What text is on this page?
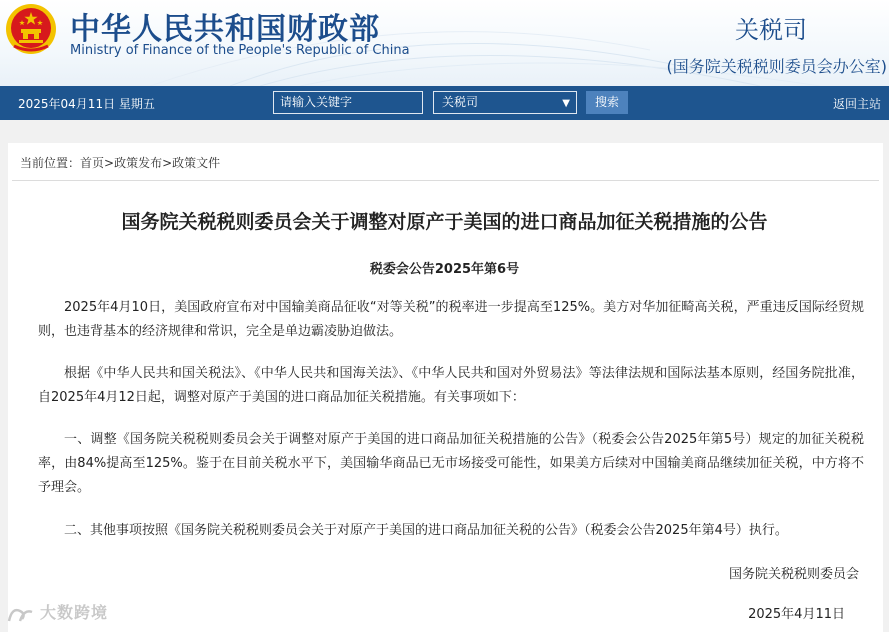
中华人民共和国财政部
Ministry of Finance of the People's Republic of China
关税司
(国务院关税税则委员会办公室)
2025年04月11日 星期五	请输入关键字	关税司	▼	搜索	返回主站
当前位置：首页>政策发布>政策文件
国务院关税税则委员会关于调整对原产于美国的进口商品加征关税措施的公告
税委会公告2025年第6号
2025年4月10日，美国政府宣布对中国输美商品征收“对等关税”的税率进一步提高至125%。美方对华加征畸高关税，严重违反国际经贸规则，也违背基本的经济规律和常识，完全是单边霸凌胁迫做法。
根据《中华人民共和国关税法》、《中华人民共和国海关法》、《中华人民共和国对外贸易法》等法律法规和国际法基本原则，经国务院批准，自2025年4月12日起，调整对原产于美国的进口商品加征关税措施。有关事项如下：
一、调整《国务院关税税则委员会关于调整对原产于美国的进口商品加征关税措施的公告》（税委会公告2025年第5号）规定的加征关税税率，由84%提高至125%。鉴于在目前关税水平下，美国输华商品已无市场接受可能性，如果美方后续对中国输美商品继续加征关税，中方将不予理会。
二、其他事项按照《国务院关税税则委员会关于对原产于美国的进口商品加征关税的公告》（税委会公告2025年第4号）执行。
国务院关税税则委员会
2025年4月11日
大数跨境
